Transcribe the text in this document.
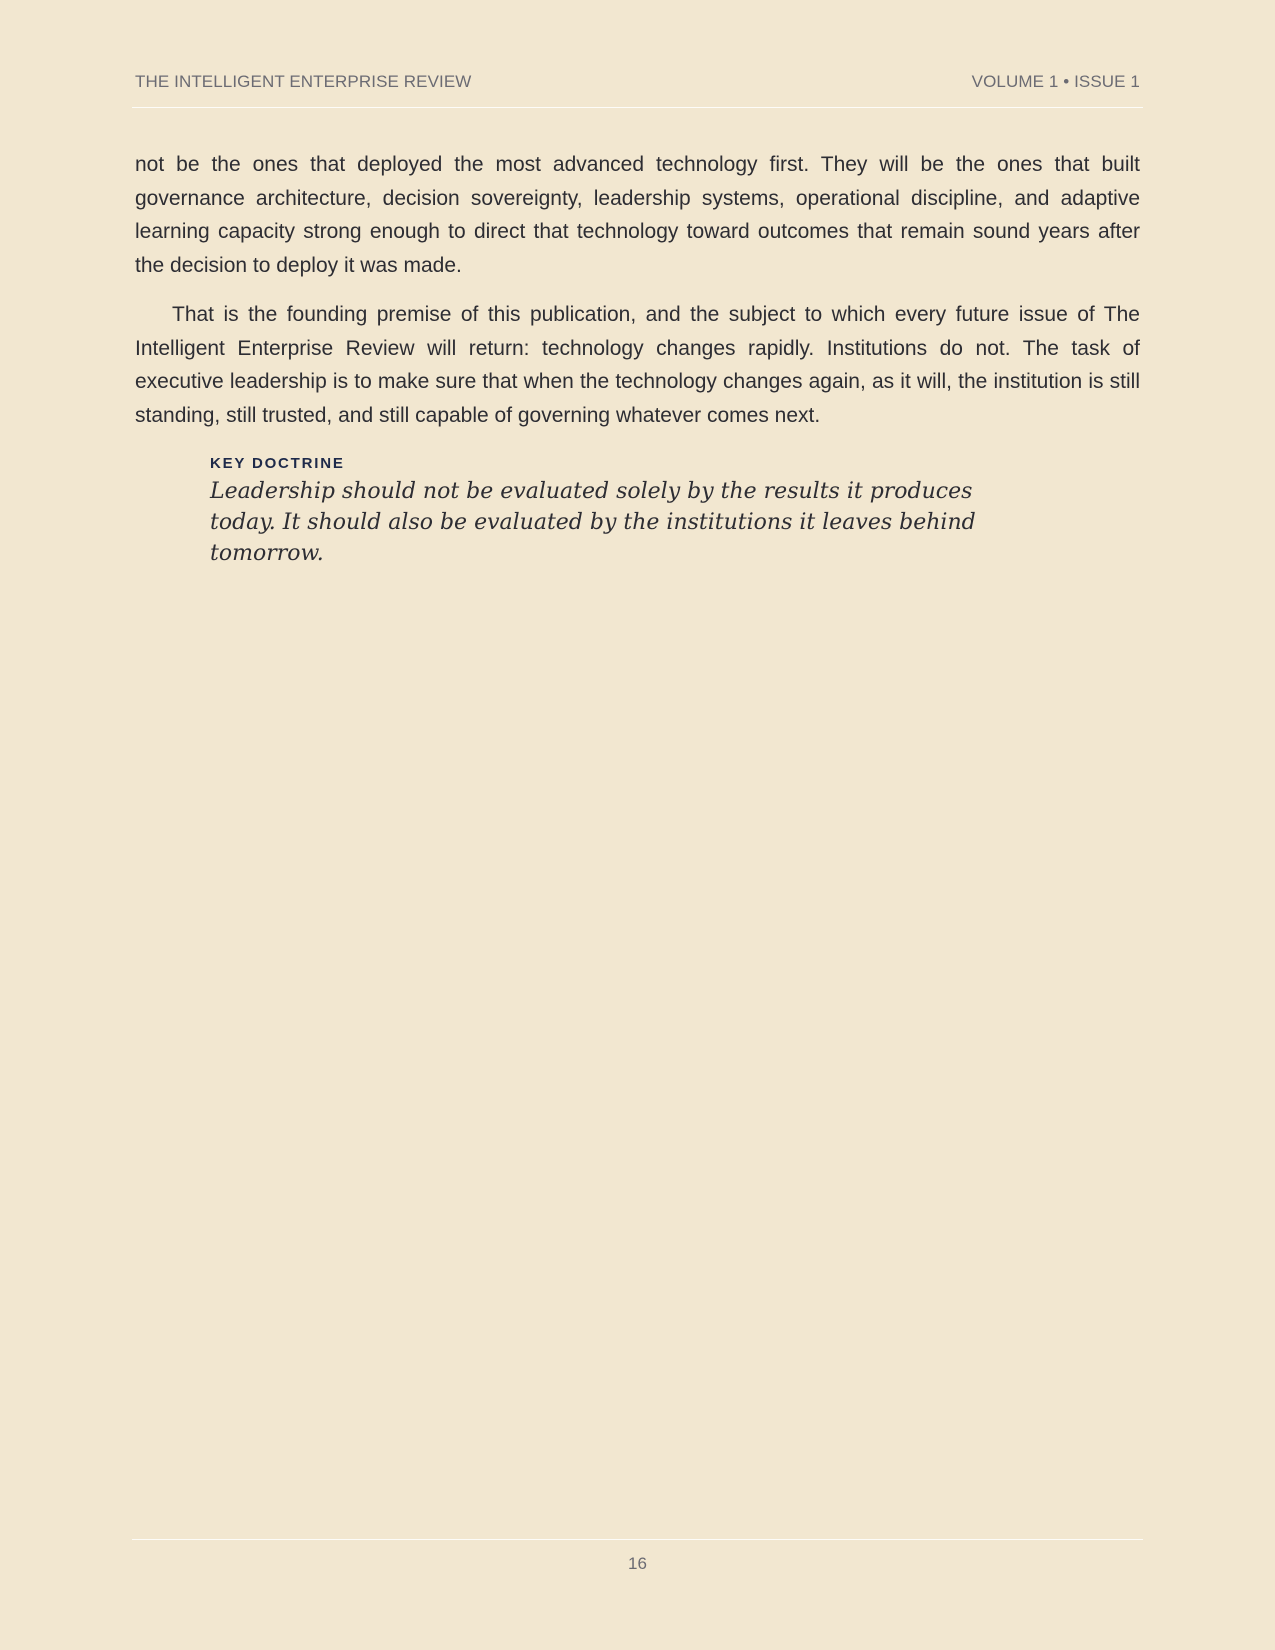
THE INTELLIGENT ENTERPRISE REVIEW	VOLUME 1 • ISSUE 1

not be the ones that deployed the most advanced technology first. They will be the ones that built governance architecture, decision sovereignty, leadership systems, operational discipline, and adaptive learning capacity strong enough to direct that technology toward outcomes that remain sound years after the decision to deploy it was made.

That is the founding premise of this publication, and the subject to which every future issue of The Intelligent Enterprise Review will return: technology changes rapidly. Institutions do not. The task of executive leadership is to make sure that when the technology changes again, as it will, the institution is still standing, still trusted, and still capable of governing whatever comes next.

KEY DOCTRINE
Leadership should not be evaluated solely by the results it produces today. It should also be evaluated by the institutions it leaves behind tomorrow.
16
